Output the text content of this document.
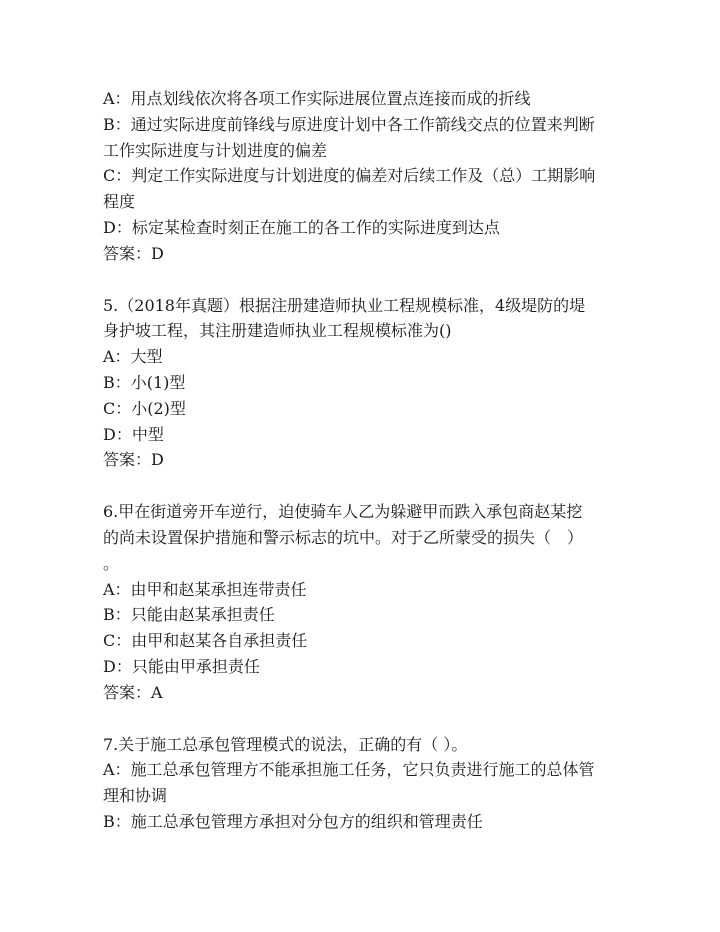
A：用点划线依次将各项工作实际进展位置点连接而成的折线
B：通过实际进度前锋线与原进度计划中各工作箭线交点的位置来判断
工作实际进度与计划进度的偏差
C：判定工作实际进度与计划进度的偏差对后续工作及（总）工期影响
程度
D：标定某检查时刻正在施工的各工作的实际进度到达点
答案：D
5.（2018年真题）根据注册建造师执业工程规模标准，4级堤防的堤
身护坡工程，其注册建造师执业工程规模标准为()
A：大型
B：小(1)型
C：小(2)型
D：中型
答案：D
6.甲在街道旁开车逆行，迫使骑车人乙为躲避甲而跌入承包商赵某挖
的尚未设置保护措施和警示标志的坑中。对于乙所蒙受的损失（　）
。
A：由甲和赵某承担连带责任
B：只能由赵某承担责任
C：由甲和赵某各自承担责任
D：只能由甲承担责任
答案：A
7.关于施工总承包管理模式的说法，正确的有（ ）。
A：施工总承包管理方不能承担施工任务，它只负责进行施工的总体管
理和协调
B：施工总承包管理方承担对分包方的组织和管理责任
